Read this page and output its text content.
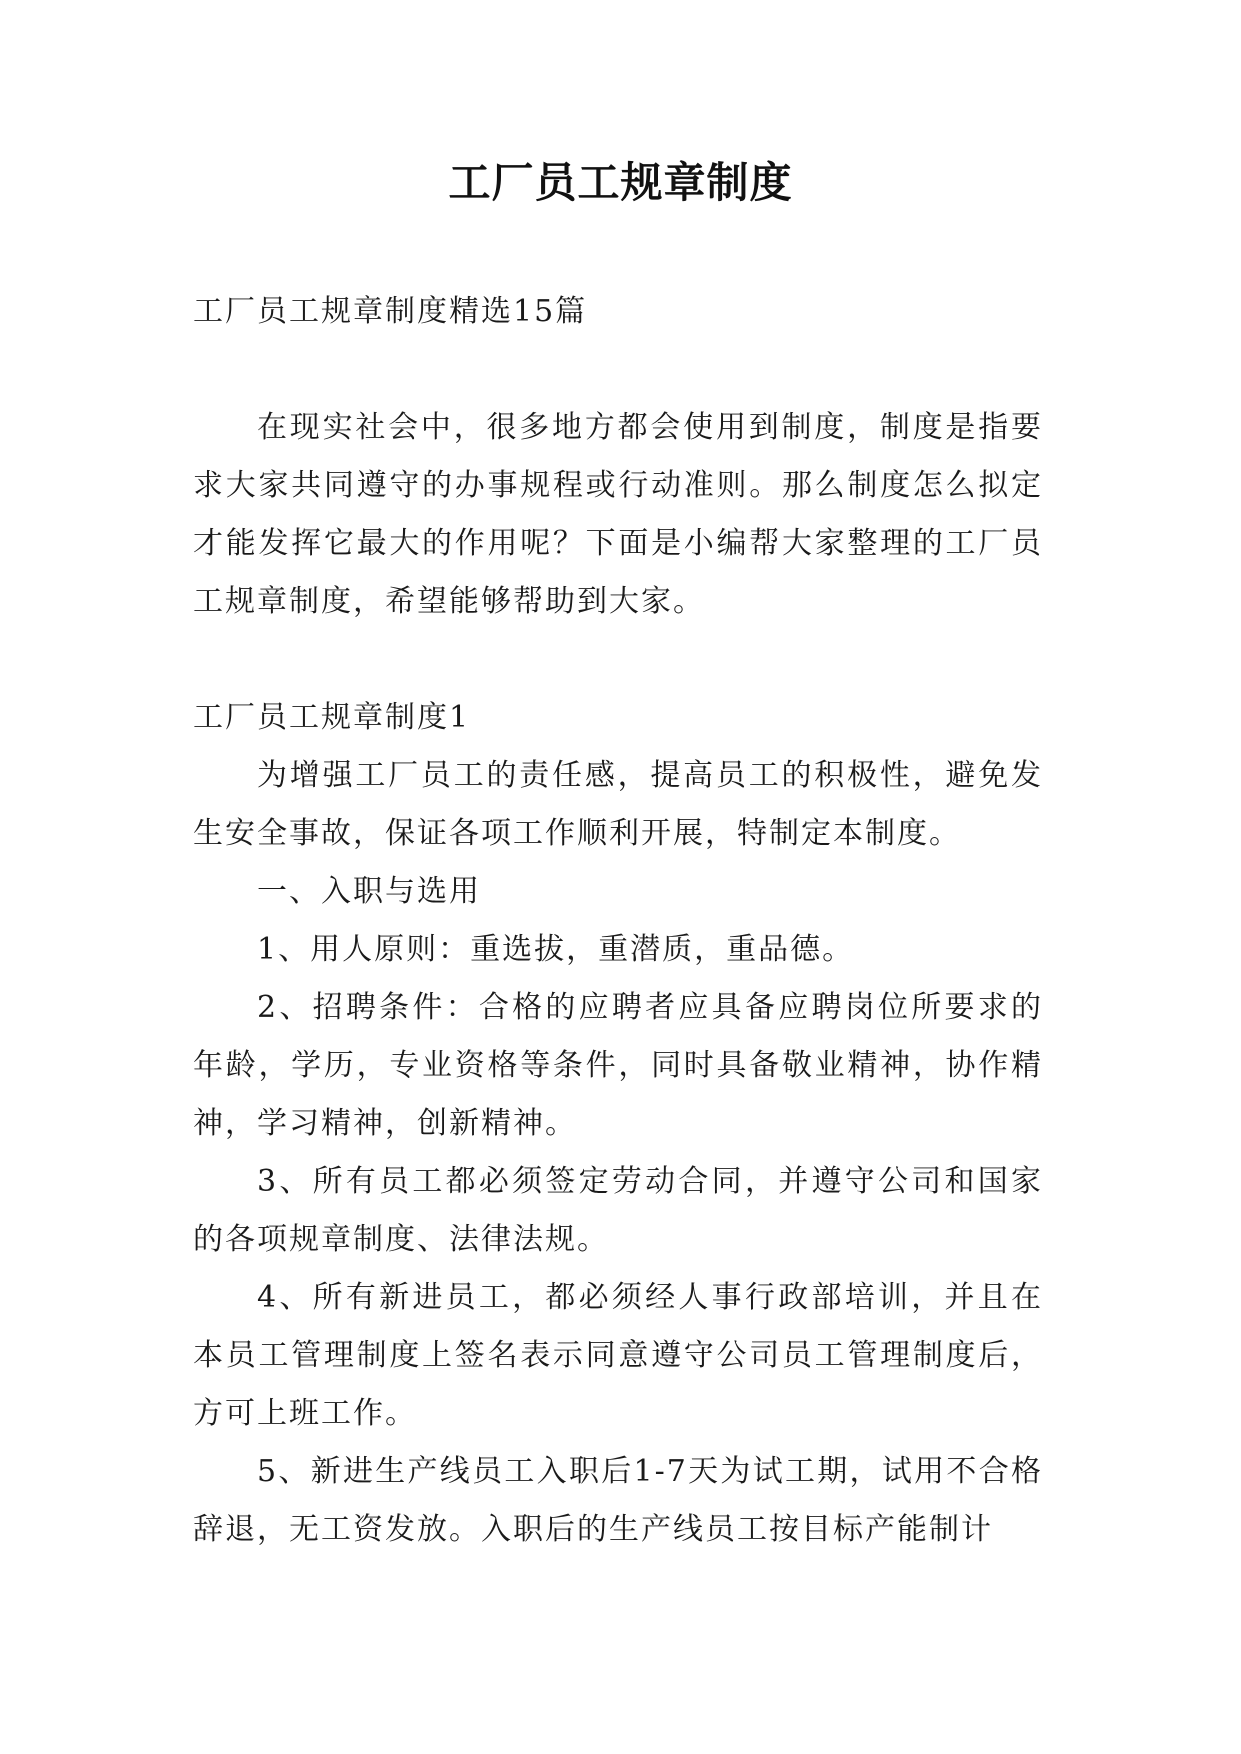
工厂员工规章制度

工厂员工规章制度精选15篇

在现实社会中，很多地方都会使用到制度，制度是指要求大家共同遵守的办事规程或行动准则。那么制度怎么拟定才能发挥它最大的作用呢？下面是小编帮大家整理的工厂员工规章制度，希望能够帮助到大家。

工厂员工规章制度1

为增强工厂员工的责任感，提高员工的积极性，避免发生安全事故，保证各项工作顺利开展，特制定本制度。

一、入职与选用

1、用人原则：重选拔，重潜质，重品德。

2、招聘条件：合格的应聘者应具备应聘岗位所要求的年龄，学历，专业资格等条件，同时具备敬业精神，协作精神，学习精神，创新精神。

3、所有员工都必须签定劳动合同，并遵守公司和国家的各项规章制度、法律法规。

4、所有新进员工，都必须经人事行政部培训，并且在本员工管理制度上签名表示同意遵守公司员工管理制度后，方可上班工作。

5、新进生产线员工入职后1-7天为试工期，试用不合格辞退，无工资发放。入职后的生产线员工按目标产能制计
